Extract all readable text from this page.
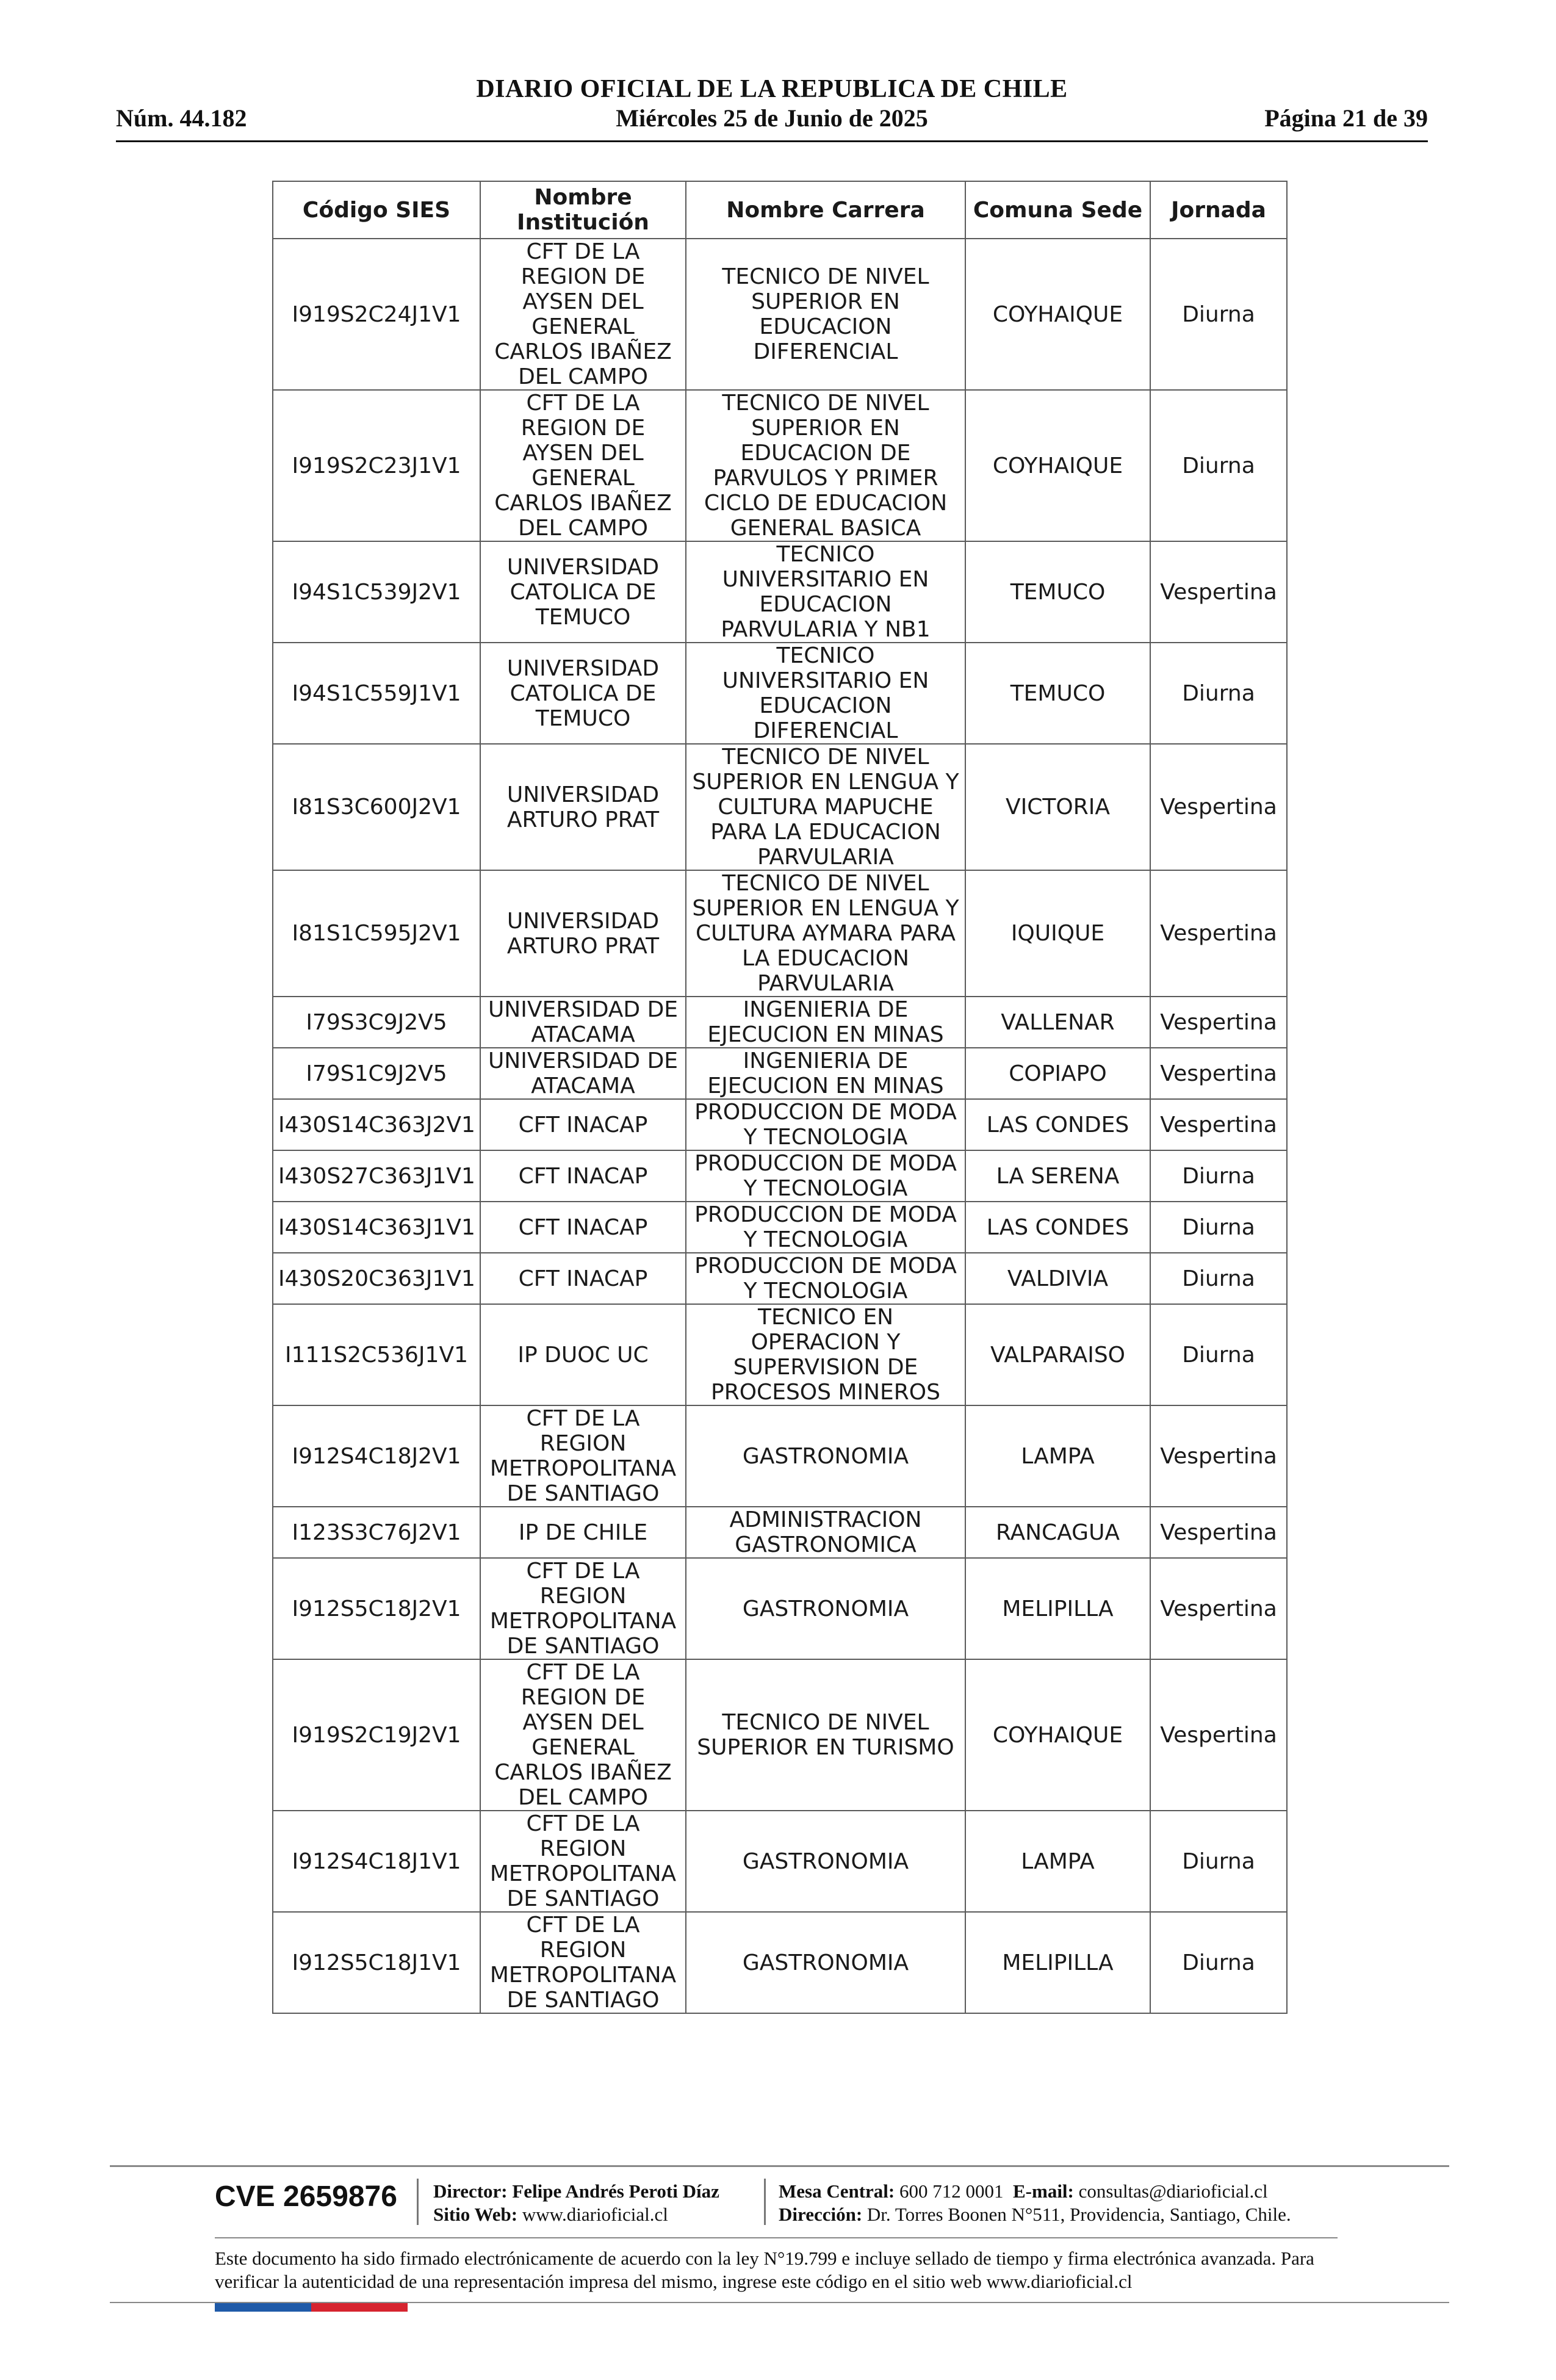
DIARIO OFICIAL DE LA REPUBLICA DE CHILE
Núm. 44.182	Miércoles 25 de Junio de 2025	Página 21 de 39
Código SIES	Nombre Institución	Nombre Carrera	Comuna Sede	Jornada
I919S2C24J1V1	CFT DE LA REGION DE AYSEN DEL GENERAL CARLOS IBAÑEZ DEL CAMPO	TECNICO DE NIVEL SUPERIOR EN EDUCACION DIFERENCIAL	COYHAIQUE	Diurna
I919S2C23J1V1	CFT DE LA REGION DE AYSEN DEL GENERAL CARLOS IBAÑEZ DEL CAMPO	TECNICO DE NIVEL SUPERIOR EN EDUCACION DE PARVULOS Y PRIMER CICLO DE EDUCACION GENERAL BASICA	COYHAIQUE	Diurna
I94S1C539J2V1	UNIVERSIDAD CATOLICA DE TEMUCO	TECNICO UNIVERSITARIO EN EDUCACION PARVULARIA Y NB1	TEMUCO	Vespertina
I94S1C559J1V1	UNIVERSIDAD CATOLICA DE TEMUCO	TECNICO UNIVERSITARIO EN EDUCACION DIFERENCIAL	TEMUCO	Diurna
I81S3C600J2V1	UNIVERSIDAD ARTURO PRAT	TECNICO DE NIVEL SUPERIOR EN LENGUA Y CULTURA MAPUCHE PARA LA EDUCACION PARVULARIA	VICTORIA	Vespertina
I81S1C595J2V1	UNIVERSIDAD ARTURO PRAT	TECNICO DE NIVEL SUPERIOR EN LENGUA Y CULTURA AYMARA PARA LA EDUCACION PARVULARIA	IQUIQUE	Vespertina
I79S3C9J2V5	UNIVERSIDAD DE ATACAMA	INGENIERIA DE EJECUCION EN MINAS	VALLENAR	Vespertina
I79S1C9J2V5	UNIVERSIDAD DE ATACAMA	INGENIERIA DE EJECUCION EN MINAS	COPIAPO	Vespertina
I430S14C363J2V1	CFT INACAP	PRODUCCION DE MODA Y TECNOLOGIA	LAS CONDES	Vespertina
I430S27C363J1V1	CFT INACAP	PRODUCCION DE MODA Y TECNOLOGIA	LA SERENA	Diurna
I430S14C363J1V1	CFT INACAP	PRODUCCION DE MODA Y TECNOLOGIA	LAS CONDES	Diurna
I430S20C363J1V1	CFT INACAP	PRODUCCION DE MODA Y TECNOLOGIA	VALDIVIA	Diurna
I111S2C536J1V1	IP DUOC UC	TECNICO EN OPERACION Y SUPERVISION DE PROCESOS MINEROS	VALPARAISO	Diurna
I912S4C18J2V1	CFT DE LA REGION METROPOLITANA DE SANTIAGO	GASTRONOMIA	LAMPA	Vespertina
I123S3C76J2V1	IP DE CHILE	ADMINISTRACION GASTRONOMICA	RANCAGUA	Vespertina
I912S5C18J2V1	CFT DE LA REGION METROPOLITANA DE SANTIAGO	GASTRONOMIA	MELIPILLA	Vespertina
I919S2C19J2V1	CFT DE LA REGION DE AYSEN DEL GENERAL CARLOS IBAÑEZ DEL CAMPO	TECNICO DE NIVEL SUPERIOR EN TURISMO	COYHAIQUE	Vespertina
I912S4C18J1V1	CFT DE LA REGION METROPOLITANA DE SANTIAGO	GASTRONOMIA	LAMPA	Diurna
I912S5C18J1V1	CFT DE LA REGION METROPOLITANA DE SANTIAGO	GASTRONOMIA	MELIPILLA	Diurna
CVE 2659876 Director: Felipe Andrés Peroti Díaz
Sitio Web: www.diarioficial.cl
Mesa Central: 600 712 0001 E-mail: consultas@diarioficial.cl
Dirección: Dr. Torres Boonen N°511, Providencia, Santiago, Chile.
Este documento ha sido firmado electrónicamente de acuerdo con la ley N°19.799 e incluye sellado de tiempo y firma electrónica avanzada. Para verificar la autenticidad de una representación impresa del mismo, ingrese este código en el sitio web www.diarioficial.cl
